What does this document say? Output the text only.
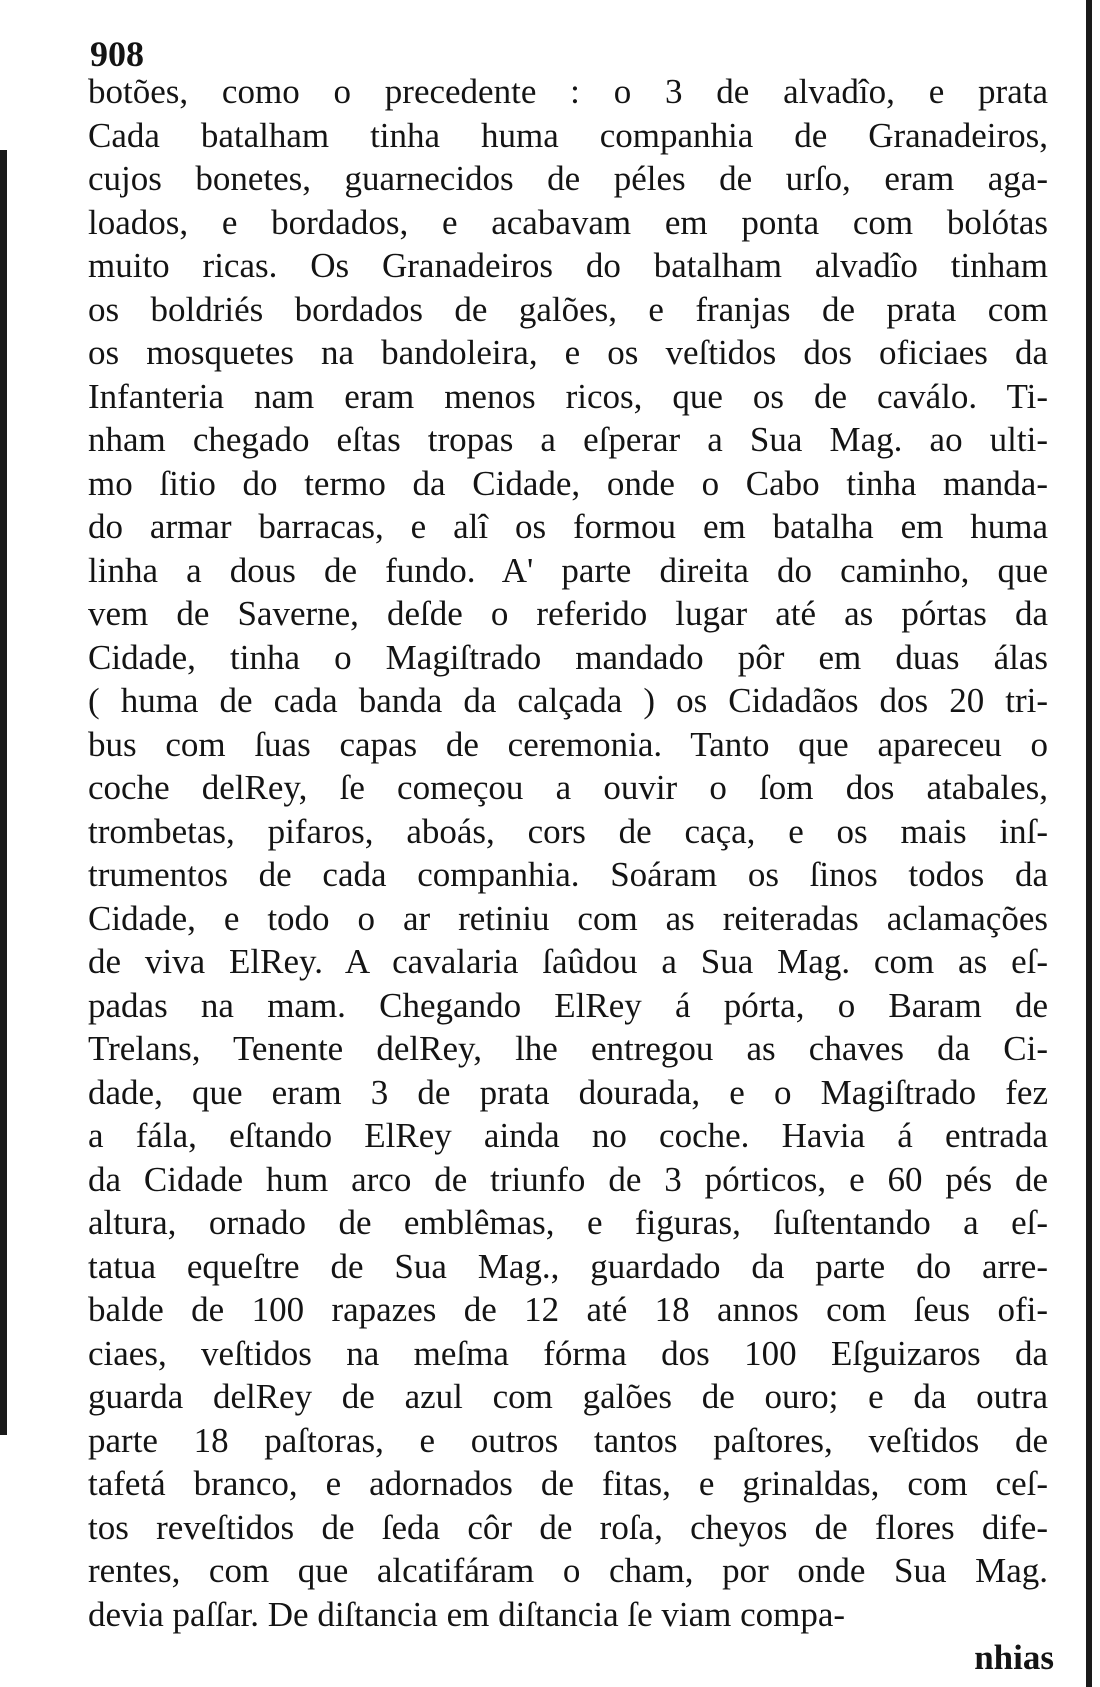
908
botões, como o precedente : o 3 de alvadîo, e prata
Cada batalham tinha huma companhia de Granadeiros,
cujos bonetes, guarnecidos de péles de urſo, eram aga-
loados, e bordados, e acabavam em ponta com bolótas
muito ricas. Os Granadeiros do batalham alvadîo tinham
os boldriés bordados de galões, e franjas de prata com
os mosquetes na bandoleira, e os veſtidos dos oficiaes da
Infanteria nam eram menos ricos, que os de caválo. Ti-
nham chegado eſtas tropas a eſperar a Sua Mag. ao ulti-
mo ſitio do termo da Cidade, onde o Cabo tinha manda-
do armar barracas, e alî os formou em batalha em huma
linha a dous de fundo. A' parte direita do caminho, que
vem de Saverne, deſde o referido lugar até as pórtas da
Cidade, tinha o Magiſtrado mandado pôr em duas álas
( huma de cada banda da calçada ) os Cidadãos dos 20 tri-
bus com ſuas capas de ceremonia. Tanto que apareceu o
coche delRey, ſe começou a ouvir o ſom dos atabales,
trombetas, pifaros, aboás, cors de caça, e os mais inſ-
trumentos de cada companhia. Soáram os ſinos todos da
Cidade, e todo o ar retiniu com as reiteradas aclamações
de viva ElRey. A cavalaria ſaûdou a Sua Mag. com as eſ-
padas na mam. Chegando ElRey á pórta, o Baram de
Trelans, Tenente delRey, lhe entregou as chaves da Ci-
dade, que eram 3 de prata dourada, e o Magiſtrado fez
a fála, eſtando ElRey ainda no coche. Havia á entrada
da Cidade hum arco de triunfo de 3 pórticos, e 60 pés de
altura, ornado de emblêmas, e figuras, ſuſtentando a eſ-
tatua equeſtre de Sua Mag., guardado da parte do arre-
balde de 100 rapazes de 12 até 18 annos com ſeus ofi-
ciaes, veſtidos na meſma fórma dos 100 Eſguizaros da
guarda delRey de azul com galões de ouro; e da outra
parte 18 paſtoras, e outros tantos paſtores, veſtidos de
tafetá branco, e adornados de fitas, e grinaldas, com ceſ-
tos reveſtidos de ſeda côr de roſa, cheyos de flores dife-
rentes, com que alcatifáram o cham, por onde Sua Mag.
devia paſſar. De diſtancia em diſtancia ſe viam compa-
nhias
